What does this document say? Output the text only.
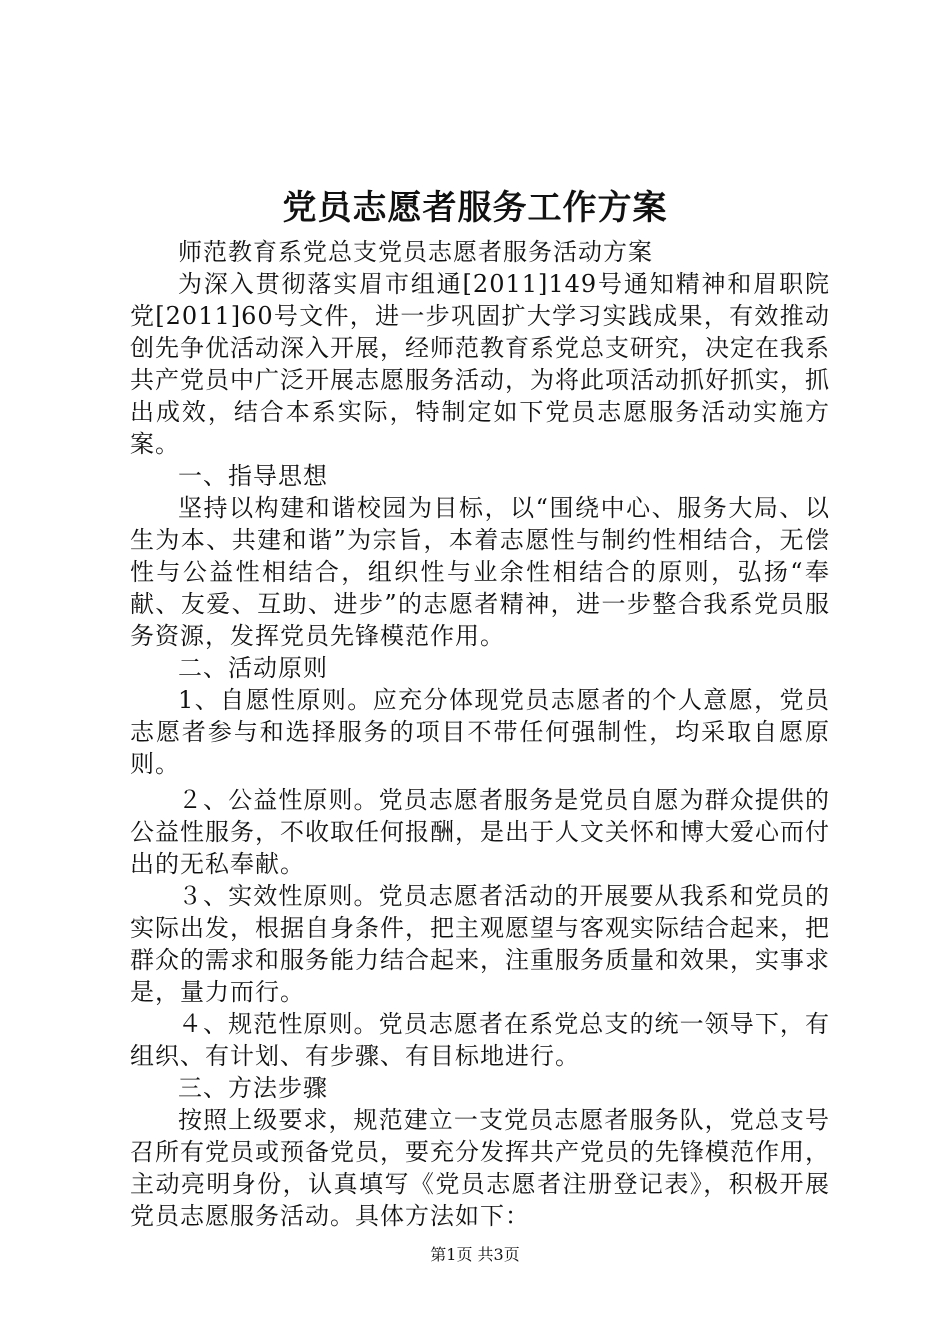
党员志愿者服务工作方案

师范教育系党总支党员志愿者服务活动方案

为深入贯彻落实眉市组通[2011]149号通知精神和眉职院党[2011]60号文件，进一步巩固扩大学习实践成果，有效推动创先争优活动深入开展，经师范教育系党总支研究，决定在我系共产党员中广泛开展志愿服务活动，为将此项活动抓好抓实，抓出成效，结合本系实际，特制定如下党员志愿服务活动实施方案。

一、指导思想

坚持以构建和谐校园为目标，以“围绕中心、服务大局、以生为本、共建和谐”为宗旨，本着志愿性与制约性相结合，无偿性与公益性相结合，组织性与业余性相结合的原则，弘扬“奉献、友爱、互助、进步”的志愿者精神，进一步整合我系党员服务资源，发挥党员先锋模范作用。

二、活动原则

1、自愿性原则。应充分体现党员志愿者的个人意愿，党员志愿者参与和选择服务的项目不带任何强制性，均采取自愿原则。

２、公益性原则。党员志愿者服务是党员自愿为群众提供的公益性服务，不收取任何报酬，是出于人文关怀和博大爱心而付出的无私奉献。

３、实效性原则。党员志愿者活动的开展要从我系和党员的实际出发，根据自身条件，把主观愿望与客观实际结合起来，把群众的需求和服务能力结合起来，注重服务质量和效果，实事求是，量力而行。

４、规范性原则。党员志愿者在系党总支的统一领导下，有组织、有计划、有步骤、有目标地进行。

三、方法步骤

按照上级要求，规范建立一支党员志愿者服务队，党总支号召所有党员或预备党员，要充分发挥共产党员的先锋模范作用，主动亮明身份，认真填写《党员志愿者注册登记表》，积极开展党员志愿服务活动。具体方法如下：

第1页 共3页
